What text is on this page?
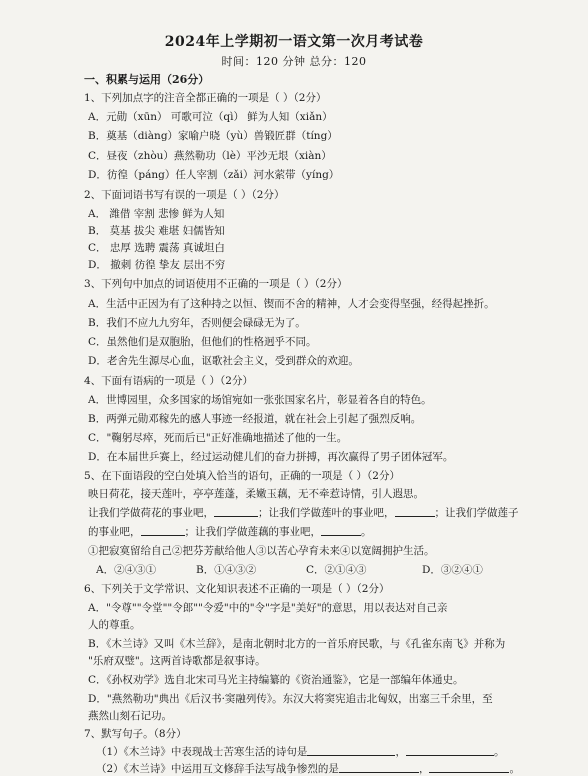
2024年上学期初一语文第一次月考试卷
时间：120 分钟 总分：120
一、积累与运用（26分）
1、下列加点字的注音全都正确的一项是（ ）（2分）
A．元勋（xūn） 可歌可泣（qì） 鲜为人知（xiǎn）
B．奠基（diàng）家喻户晓（yù）兽锻匠群（tíng）
C．昼夜（zhòu）燕然勒功（lè）平沙无垠（xiàn）
D．彷徨（páng）任人宰割（zǎi）河水萦带（yíng）
2、下面词语书写有误的一项是（ ）（2分）
A． 潍借 宰割 悲惨 鲜为人知
B． 莫基 拔尖 难堪 妇儒皆知
C． 忠厚 选聘 震荡 真诚坦白
D． 撤刺 彷徨 挚友 层出不穷
3、下列句中加点的词语使用不正确的一项是（ ）（2分）
A．生活中正因为有了这种持之以恒、锲而不舍的精神，人才会变得坚强，经得起挫折。
B．我们不应九九穷年，否则便会碌碌无为了。
C．虽然他们是双胞胎，但他们的性格迥乎不同。
D．老舍先生源尽心血，讴歌社会主义，受到群众的欢迎。
4、下面有语病的一项是（ ）（2分）
A．世博园里，众多国家的场馆宛如一张张国家名片，彰显着各自的特色。
B．两弹元勋邓稼先的感人事迹一经报道，就在社会上引起了强烈反响。
C．"鞠躬尽瘁，死而后已"正好准确地描述了他的一生。
D．在本届世乒赛上，经过运动健儿们的奋力拼搏，再次赢得了男子团体冠军。
5、在下面语段的空白处填入恰当的语句，正确的一项是（ ）（2分）
映日荷花，接天莲叶，亭亭莲蓬，柔嫩玉藕，无不牵惹诗情，引人遐思。
让我们学做荷花的事业吧，	；让我们学做莲叶的事业吧，	；让我们学做莲子
的事业吧，	；让我们学做莲藕的事业吧，	。
①把寂寞留给自己②把芬芳献给他人③以苦心孕育未来④以宽阔拥护生活。
A．②④③①	B．①④③②	C．②①④③	D．③②④①
6、下列关于文学常识、文化知识表述不正确的一项是（ ）（2分）
A．"令尊""令堂""令郎""令爱"中的"令"字是"美好"的意思，用以表达对自己亲
人的尊重。
B．《木兰诗》又叫《木兰辞》，是南北朝时北方的一首乐府民歌，与《孔雀东南飞》并称为
"乐府双璧"。这两首诗歌都是叙事诗。
C．《孙权劝学》选自北宋司马光主持编纂的《资治通鉴》，它是一部编年体通史。
D．"燕然勒功"典出《后汉书·窦融列传》。东汉大将窦宪追击北匈奴，出塞三千余里，至
燕然山刻石记功。
7、默写句子。（8分）
（1）《木兰诗》中表现战士苦寒生活的诗句是	，	。
（2）《木兰诗》中运用互文修辞手法写战争惨烈的是	，	。
